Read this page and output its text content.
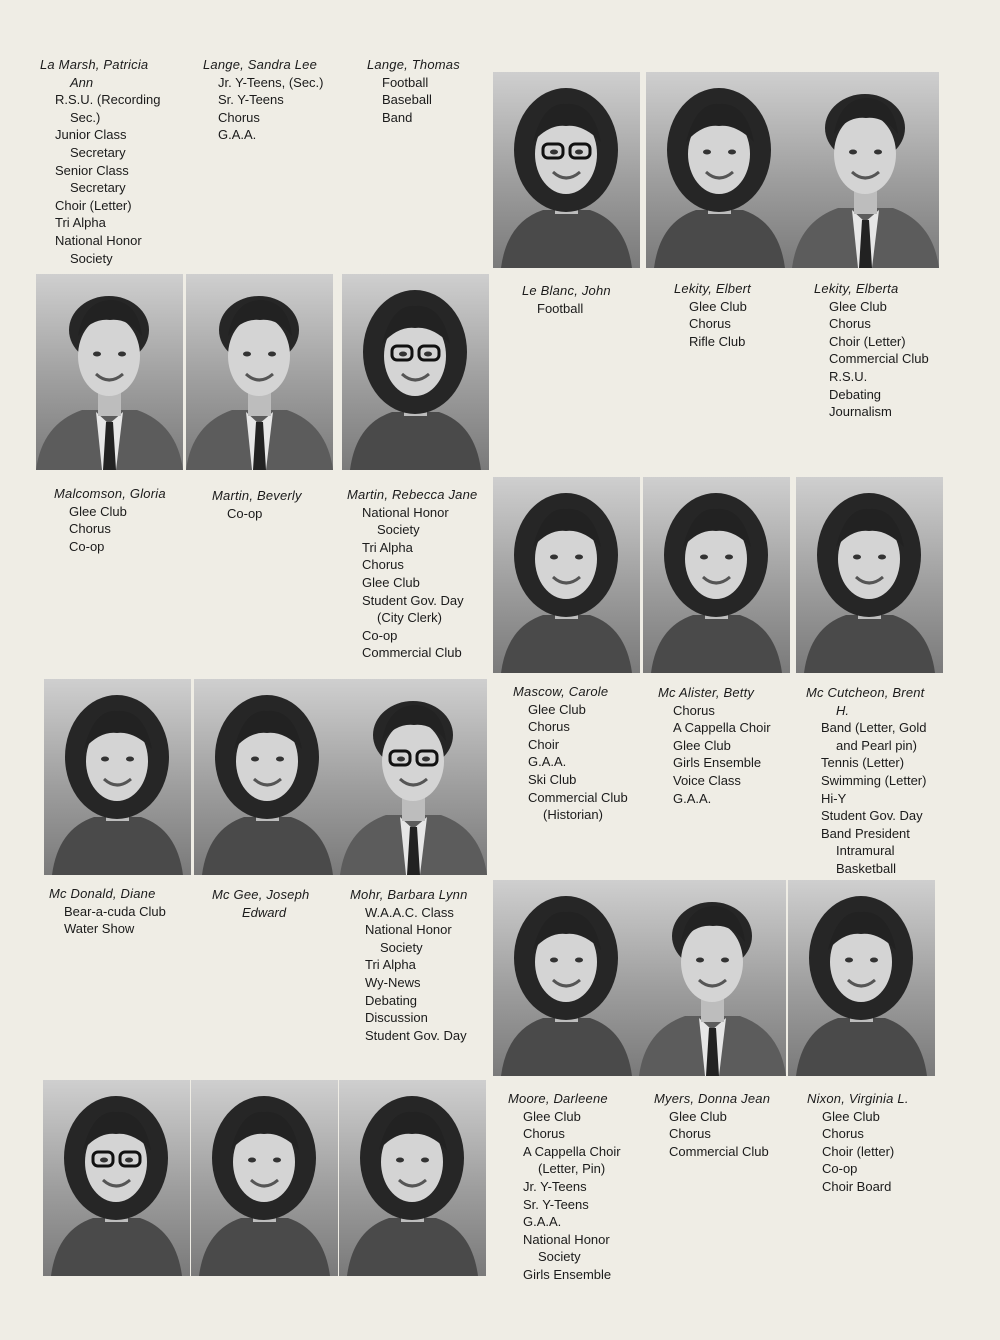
La Marsh, Patricia
Ann
R.S.U. (Recording
Sec.)
Junior Class
Secretary
Senior Class
Secretary
Choir (Letter)
Tri Alpha
National Honor
Society
Lange, Sandra Lee
Jr. Y-Teens, (Sec.)
Sr. Y-Teens
Chorus
G.A.A.
Lange, Thomas
Football
Baseball
Band
Le Blanc, John
Football
Lekity, Elbert
Glee Club
Chorus
Rifle Club
Lekity, Elberta
Glee Club
Chorus
Choir (Letter)
Commercial Club
R.S.U.
Debating
Journalism
Malcomson, Gloria
Glee Club
Chorus
Co-op
Martin, Beverly
Co-op
Martin, Rebecca Jane
National Honor
Society
Tri Alpha
Chorus
Glee Club
Student Gov. Day
(City Clerk)
Co-op
Commercial Club
Mascow, Carole
Glee Club
Chorus
Choir
G.A.A.
Ski Club
Commercial Club
(Historian)
Mc Alister, Betty
Chorus
A Cappella Choir
Glee Club
Girls Ensemble
Voice Class
G.A.A.
Mc Cutcheon, Brent
H.
Band (Letter, Gold
and Pearl pin)
Tennis (Letter)
Swimming (Letter)
Hi-Y
Student Gov. Day
Band President
Intramural
Basketball
Mc Donald, Diane
Bear-a-cuda Club
Water Show
Mc Gee, Joseph
Edward
Mohr, Barbara Lynn
W.A.A.C. Class
National Honor
Society
Tri Alpha
Wy-News
Debating
Discussion
Student Gov. Day
Moore, Darleene
Glee Club
Chorus
A Cappella Choir
(Letter, Pin)
Jr. Y-Teens
Sr. Y-Teens
G.A.A.
National Honor
Society
Girls Ensemble
Myers, Donna Jean
Glee Club
Chorus
Commercial Club
Nixon, Virginia L.
Glee Club
Chorus
Choir (letter)
Co-op
Choir Board
